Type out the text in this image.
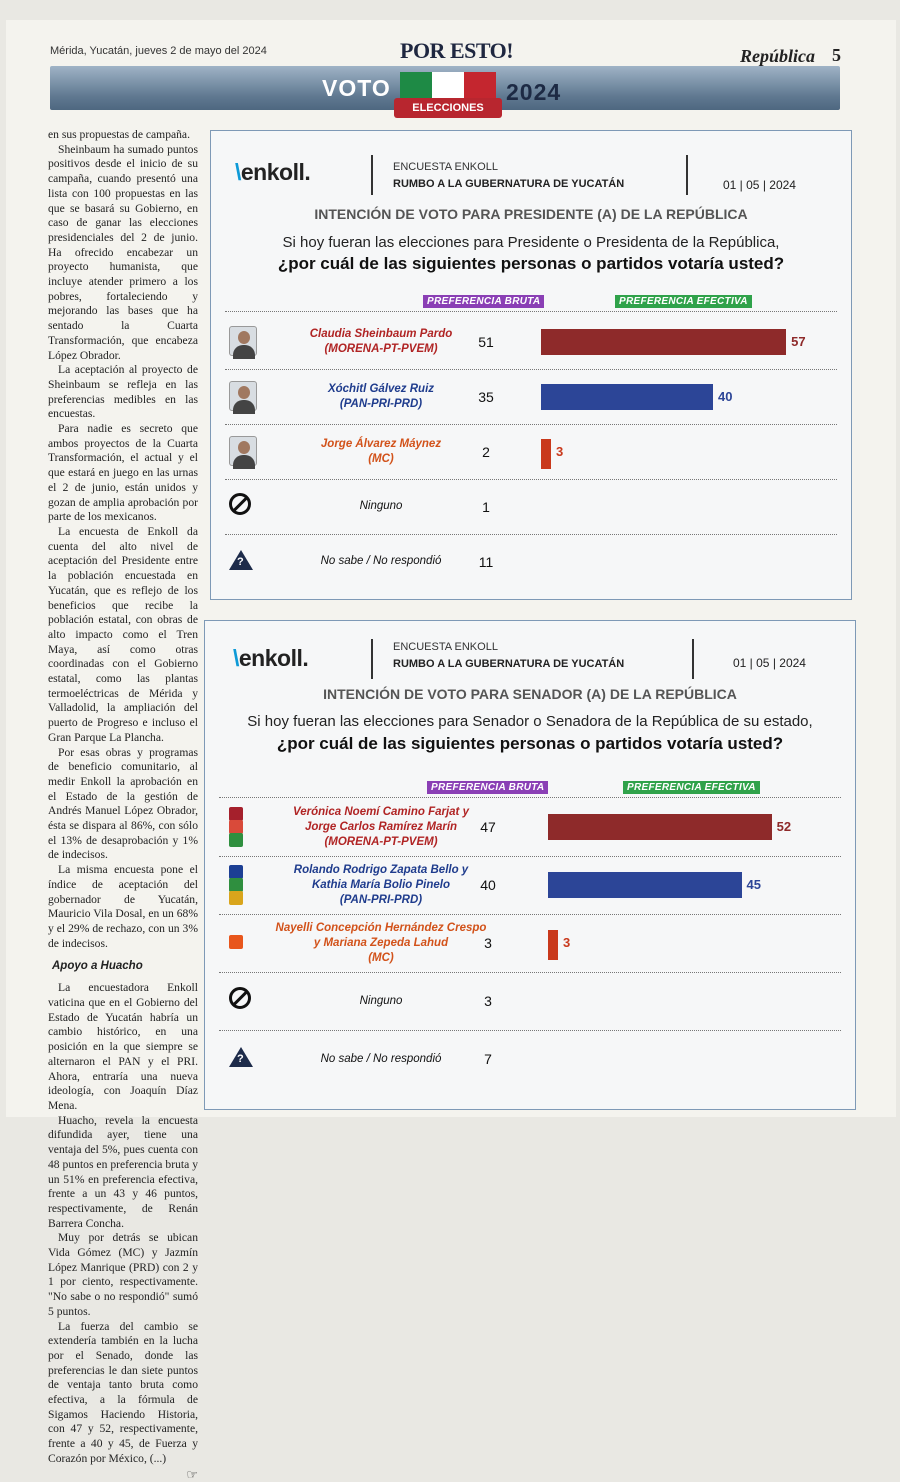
Mérida, Yucatán, jueves 2 de mayo del 2024	POR ESTO!	República 5
VOTO
ELECCIONES
2024

en sus propuestas de campaña.

Sheinbaum ha sumado puntos positivos desde el inicio de su campaña, cuando presentó una lista con 100 propuestas en las que se basará su Gobierno, en caso de ganar las elecciones presidenciales del 2 de junio. Ha ofrecido encabezar un proyecto humanista, que incluye atender primero a los pobres, fortaleciendo y mejorando las bases que ha sentado la Cuarta Transformación, que encabeza López Obrador.

La aceptación al proyecto de Sheinbaum se refleja en las preferencias medibles en las encuestas.

Para nadie es secreto que ambos proyectos de la Cuarta Transformación, el actual y el que estará en juego en las urnas el 2 de junio, están unidos y gozan de amplia aprobación por parte de los mexicanos.

La encuesta de Enkoll da cuenta del alto nivel de aceptación del Presidente entre la población encuestada en Yucatán, que es reflejo de los beneficios que recibe la población estatal, con obras de alto impacto como el Tren Maya, así como otras coordinadas con el Gobierno estatal, como las plantas termoeléctricas de Mérida y Valladolid, la ampliación del puerto de Progreso e incluso el Gran Parque La Plancha.

Por esas obras y programas de beneficio comunitario, al medir Enkoll la aprobación en el Estado de la gestión de Andrés Manuel López Obrador, ésta se dispara al 86%, con sólo el 13% de desaprobación y 1% de indecisos.

La misma encuesta pone el índice de aceptación del gobernador de Yucatán, Mauricio Vila Dosal, en un 68% y el 29% de rechazo, con un 3% de indecisos.

Apoyo a Huacho

La encuestadora Enkoll vaticina que en el Gobierno del Estado de Yucatán habría un cambio histórico, en una posición en la que siempre se alternaron el PAN y el PRI. Ahora, entraría una nueva ideología, con Joaquín Díaz Mena.

Huacho, revela la encuesta difundida ayer, tiene una ventaja del 5%, pues cuenta con 48 puntos en preferencia bruta y un 51% en preferencia efectiva, frente a un 43 y 46 puntos, respectivamente, de Renán Barrera Concha.

Muy por detrás se ubican Vida Gómez (MC) y Jazmín López Manrique (PRD) con 2 y 1 por ciento, respectivamente. "No sabe o no respondió" sumó 5 puntos.

La fuerza del cambio se extendería también en la lucha por el Senado, donde las preferencias le dan siete puntos de ventaja tanto bruta como efectiva, a la fórmula de Sigamos Haciendo Historia, con 47 y 52, respectivamente, frente a 40 y 45, de Fuerza y Corazón por México, (...)

☞
\enkoll.	ENCUESTA ENKOLL
RUMBO A LA GUBERNATURA DE YUCATÁN	01 | 05 | 2024
INTENCIÓN DE VOTO PARA PRESIDENTE (A) DE LA REPÚBLICA
Si hoy fueran las elecciones para Presidente o Presidenta de la República,
¿por cuál de las siguientes personas o partidos votaría usted?
PREFERENCIA BRUTA	PREFERENCIA EFECTIVA
Claudia Sheinbaum Pardo
(MORENA-PT-PVEM)	51	57
Xóchitl Gálvez Ruiz
(PAN-PRI-PRD)	35	40
Jorge Álvarez Máynez
(MC)	2	3
Ninguno	1
?	No sabe / No respondió	11
\enkoll.	ENCUESTA ENKOLL
RUMBO A LA GUBERNATURA DE YUCATÁN	01 | 05 | 2024
INTENCIÓN DE VOTO PARA SENADOR (A) DE LA REPÚBLICA
Si hoy fueran las elecciones para Senador o Senadora de la República de su estado,
¿por cuál de las siguientes personas o partidos votaría usted?
PREFERENCIA BRUTA	PREFERENCIA EFECTIVA
Verónica Noemí Camino Farjat y
Jorge Carlos Ramírez Marín
(MORENA-PT-PVEM)
47	52
Rolando Rodrigo Zapata Bello y
Kathia María Bolio Pinelo
(PAN-PRI-PRD)
40	45
Nayelli Concepción Hernández Crespo
y Mariana Zepeda Lahud
(MC)
3	3
Ninguno	3
?	No sabe / No respondió	7
